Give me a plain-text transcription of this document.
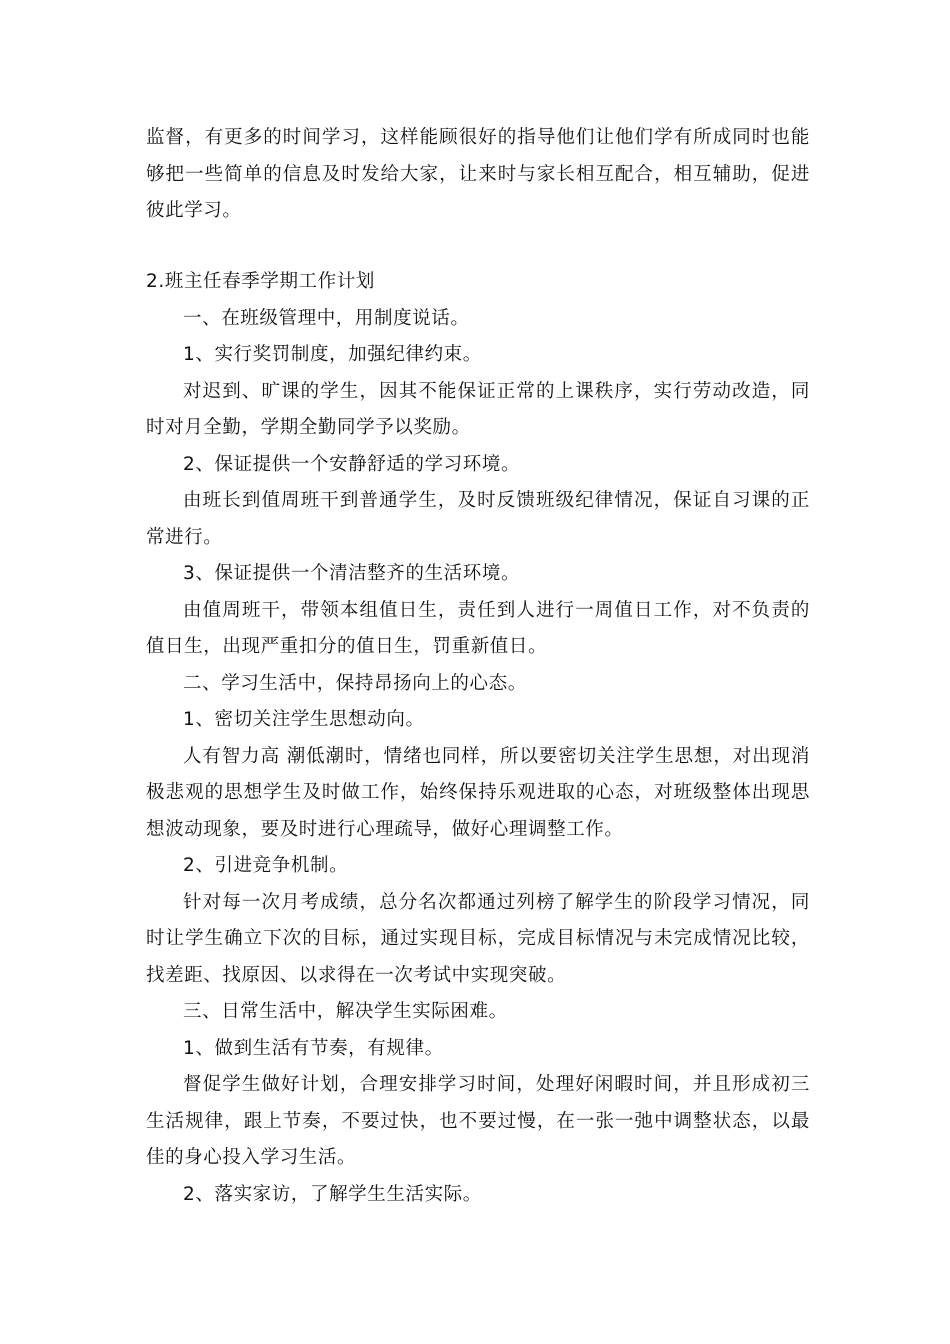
监督，有更多的时间学习，这样能顾很好的指导他们让他们学有所成同时也能够把一些简单的信息及时发给大家，让来时与家长相互配合，相互辅助，促进彼此学习。

2.班主任春季学期工作计划

一、在班级管理中，用制度说话。

1、实行奖罚制度，加强纪律约束。

对迟到、旷课的学生，因其不能保证正常的上课秩序，实行劳动改造，同时对月全勤，学期全勤同学予以奖励。

2、保证提供一个安静舒适的学习环境。

由班长到值周班干到普通学生，及时反馈班级纪律情况，保证自习课的正常进行。

3、保证提供一个清洁整齐的生活环境。

由值周班干，带领本组值日生，责任到人进行一周值日工作，对不负责的值日生，出现严重扣分的值日生，罚重新值日。

二、学习生活中，保持昂扬向上的心态。

1、密切关注学生思想动向。

人有智力高 潮低潮时，情绪也同样，所以要密切关注学生思想，对出现消极悲观的思想学生及时做工作，始终保持乐观进取的心态，对班级整体出现思想波动现象，要及时进行心理疏导，做好心理调整工作。

2、引进竞争机制。

针对每一次月考成绩，总分名次都通过列榜了解学生的阶段学习情况，同时让学生确立下次的目标，通过实现目标，完成目标情况与未完成情况比较，找差距、找原因、以求得在一次考试中实现突破。

三、日常生活中，解决学生实际困难。

1、做到生活有节奏，有规律。

督促学生做好计划，合理安排学习时间，处理好闲暇时间，并且形成初三生活规律，跟上节奏，不要过快，也不要过慢，在一张一弛中调整状态，以最佳的身心投入学习生活。

2、落实家访，了解学生生活实际。
